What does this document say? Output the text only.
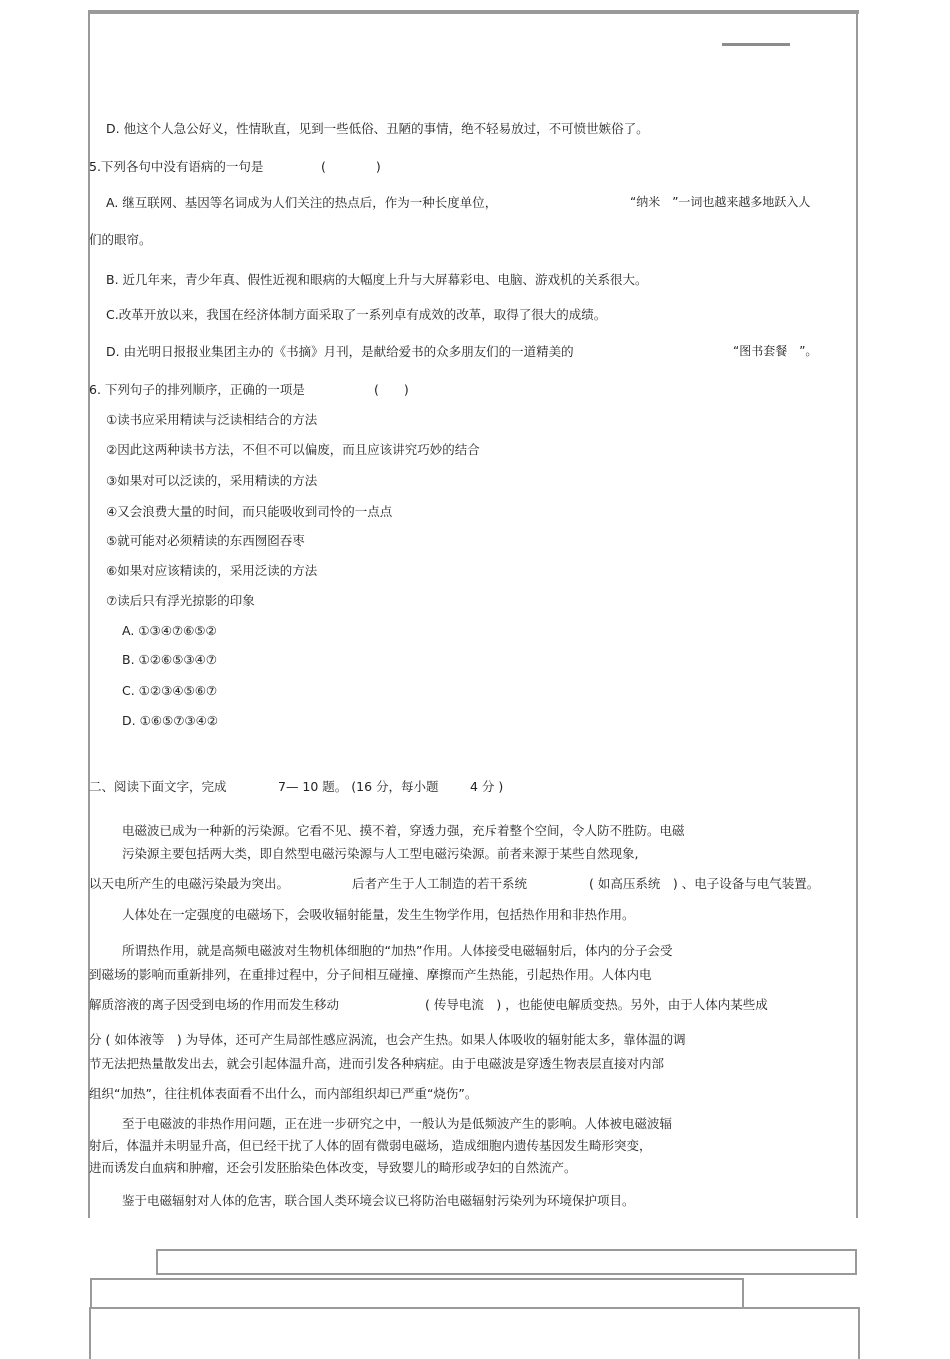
D. 他这个人急公好义，性情耿直，见到一些低俗、丑陋的事情，绝不轻易放过，不可愤世嫉俗了。
5.下列各句中没有语病的一句是	(　　　　)
A. 继互联网、基因等名词成为人们关注的热点后，作为一种长度单位，	“纳米　”一词也越来越多地跃入人
们的眼帘。
B. 近几年来，青少年真、假性近视和眼病的大幅度上升与大屏幕彩电、电脑、游戏机的关系很大。
C.改革开放以来，我国在经济体制方面采取了一系列卓有成效的改革，取得了很大的成绩。
D. 由光明日报报业集团主办的《书摘》月刊，是献给爱书的众多朋友们的一道精美的	“图书套餐　”。
6. 下列句子的排列顺序，正确的一项是	(　　)
①读书应采用精读与泛读相结合的方法
②因此这两种读书方法，不但不可以偏废，而且应该讲究巧妙的结合
③如果对可以泛读的，采用精读的方法
④又会浪费大量的时间，而只能吸收到司怜的一点点
⑤就可能对必须精读的东西囫囵吞枣
⑥如果对应该精读的，采用泛读的方法
⑦读后只有浮光掠影的印象
A. ①③④⑦⑥⑤②
B. ①②⑥⑤③④⑦
C. ①②③④⑤⑥⑦
D. ①⑥⑤⑦③④②
二、阅读下面文字，完成	7— 10 题。 (16 分，每小题	4 分 )
电磁波已成为一种新的污染源。它看不见、摸不着，穿透力强，充斥着整个空间，令人防不胜防。电磁
污染源主要包括两大类，即自然型电磁污染源与人工型电磁污染源。前者来源于某些自然现象,
以天电所产生的电磁污染最为突出。	后者产生于人工制造的若干系统	( 如高压系统　) 、电子设备与电气装置。
人体处在一定强度的电磁场下，会吸收辐射能量，发生生物学作用，包括热作用和非热作用。
所谓热作用，就是高频电磁波对生物机体细胞的“加热”作用。人体接受电磁辐射后，体内的分子会受
到磁场的影响而重新排列，在重排过程中，分子间相互碰撞、摩擦而产生热能，引起热作用。人体内电
解质溶液的离子因受到电场的作用而发生移动	( 传导电流　) ，也能使电解质变热。另外，由于人体内某些成
分 ( 如体液等　) 为导体，还可产生局部性感应涡流，也会产生热。如果人体吸收的辐射能太多，靠体温的调
节无法把热量散发出去，就会引起体温升高，进而引发各种病症。由于电磁波是穿透生物表层直接对内部
组织“加热”，往往机体表面看不出什么，而内部组织却已严重“烧伤”。
至于电磁波的非热作用问题，正在进一步研究之中，一般认为是低频波产生的影响。人体被电磁波辐
射后，体温并未明显升高，但已经干扰了人体的固有微弱电磁场，造成细胞内遗传基因发生畸形突变，
进而诱发白血病和肿瘤，还会引发胚胎染色体改变，导致婴儿的畸形或孕妇的自然流产。
鉴于电磁辐射对人体的危害，联合国人类环境会议已将防治电磁辐射污染列为环境保护项目。
